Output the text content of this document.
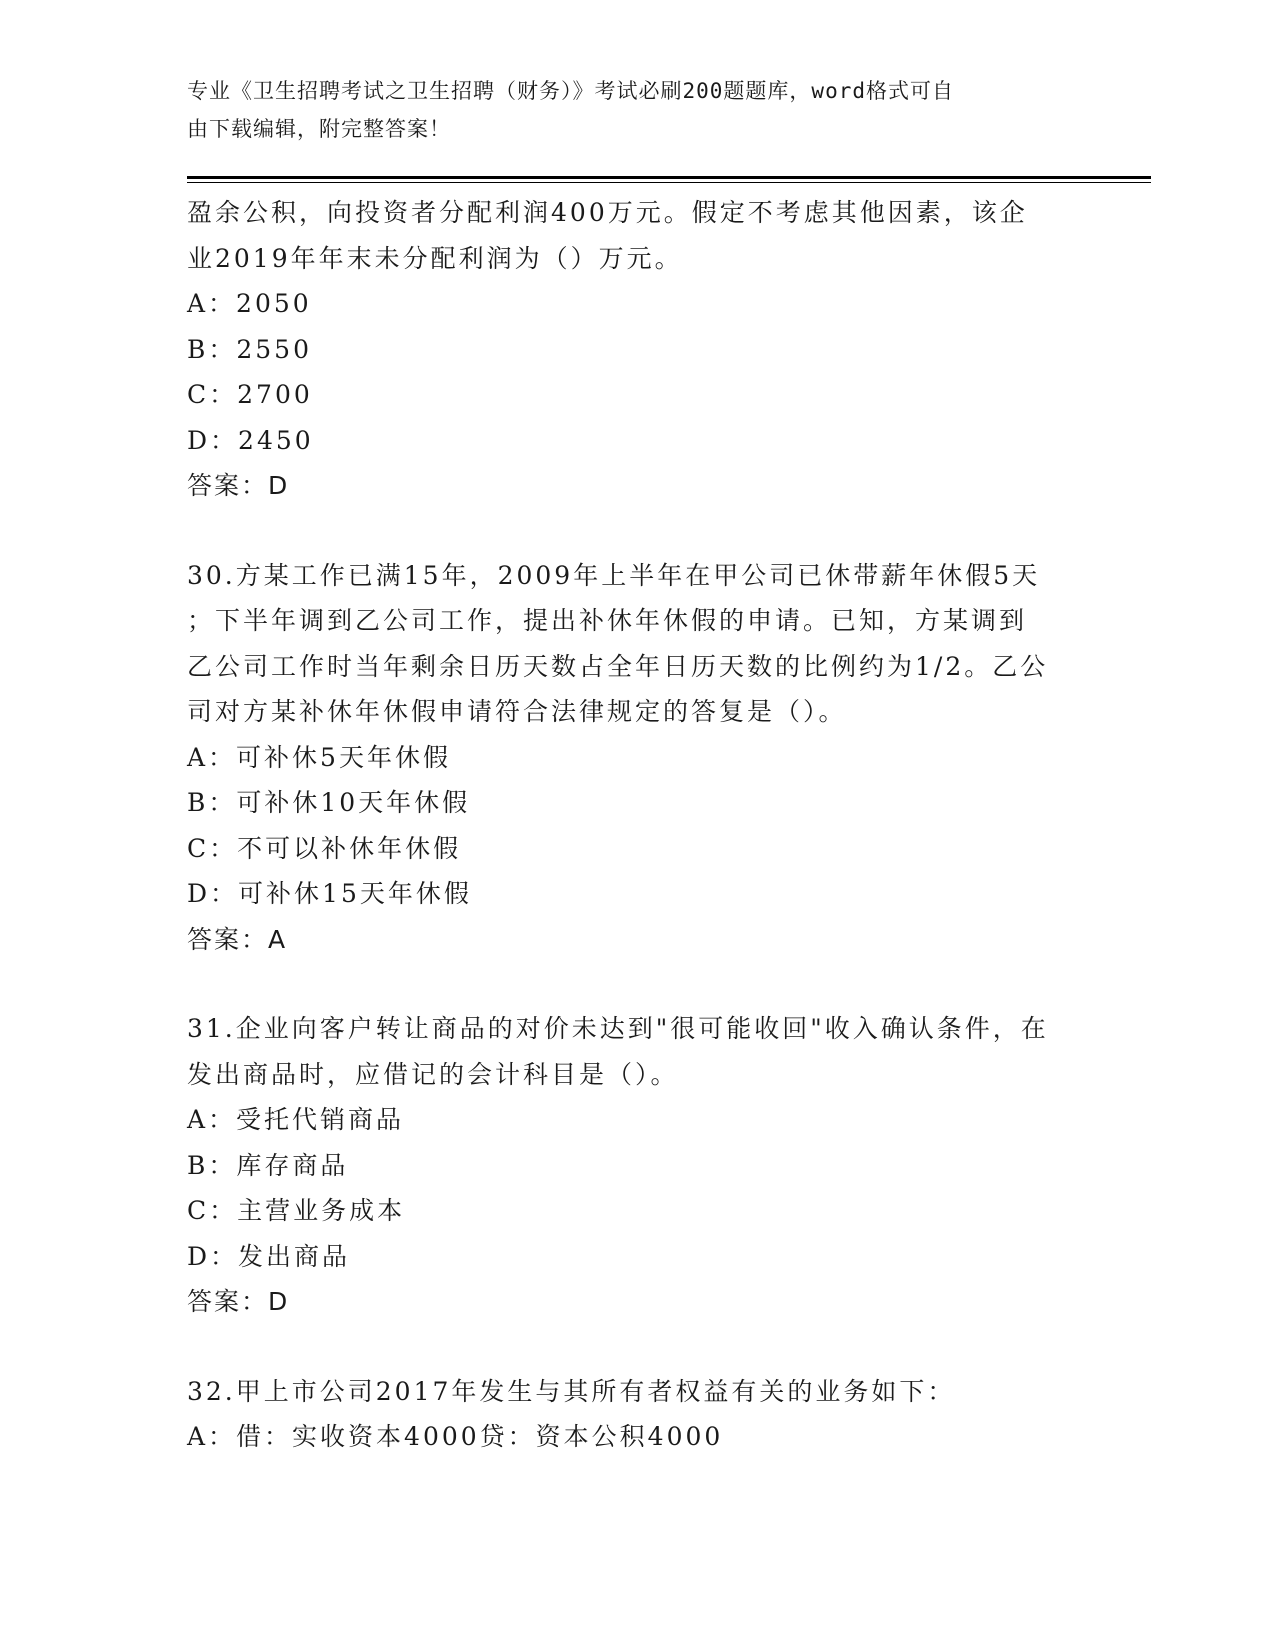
专业《卫生招聘考试之卫生招聘（财务）》考试必刷200题题库，word格式可自
由下载编辑，附完整答案！
盈余公积，向投资者分配利润400万元。假定不考虑其他因素，该企
业2019年年末未分配利润为（）万元。
A：2050
B：2550
C：2700
D：2450
答案：D
30.方某工作已满15年，2009年上半年在甲公司已休带薪年休假5天
；下半年调到乙公司工作，提出补休年休假的申请。已知，方某调到
乙公司工作时当年剩余日历天数占全年日历天数的比例约为1/2。乙公
司对方某补休年休假申请符合法律规定的答复是（）。
A：可补休5天年休假
B：可补休10天年休假
C：不可以补休年休假
D：可补休15天年休假
答案：A
31.企业向客户转让商品的对价未达到"很可能收回"收入确认条件，在
发出商品时，应借记的会计科目是（）。
A：受托代销商品
B：库存商品
C：主营业务成本
D：发出商品
答案：D
32.甲上市公司2017年发生与其所有者权益有关的业务如下：
A：借：实收资本4000贷：资本公积4000
